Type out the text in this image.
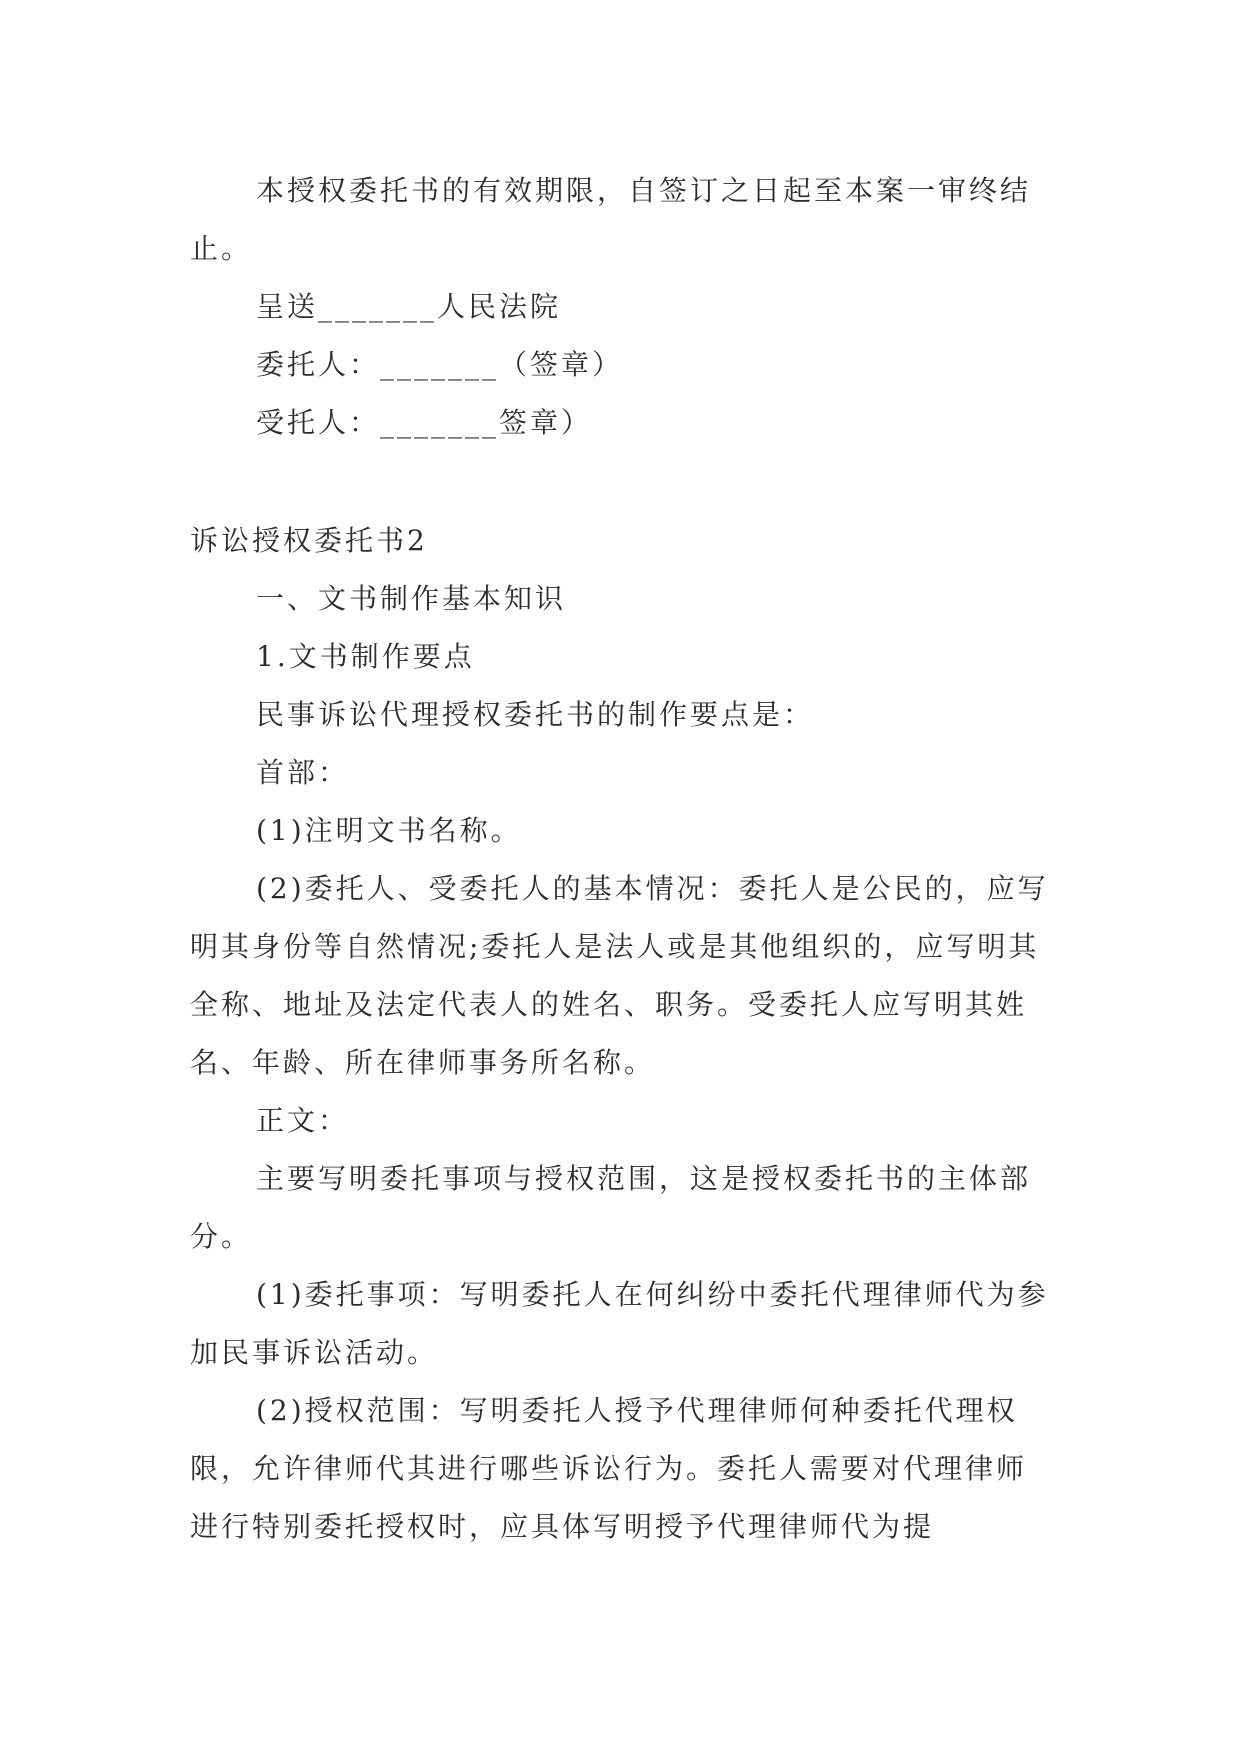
本授权委托书的有效期限，自签订之日起至本案一审终结止。

呈送_______人民法院

委托人：_______（签章）

受托人：_______签章）

诉讼授权委托书2

一、文书制作基本知识

1.文书制作要点

民事诉讼代理授权委托书的制作要点是：

首部：

(1)注明文书名称。

(2)委托人、受委托人的基本情况：委托人是公民的，应写明其身份等自然情况;委托人是法人或是其他组织的，应写明其全称、地址及法定代表人的姓名、职务。受委托人应写明其姓名、年龄、所在律师事务所名称。

正文：

主要写明委托事项与授权范围，这是授权委托书的主体部分。

(1)委托事项：写明委托人在何纠纷中委托代理律师代为参加民事诉讼活动。

(2)授权范围：写明委托人授予代理律师何种委托代理权限，允许律师代其进行哪些诉讼行为。委托人需要对代理律师进行特别委托授权时，应具体写明授予代理律师代为提
